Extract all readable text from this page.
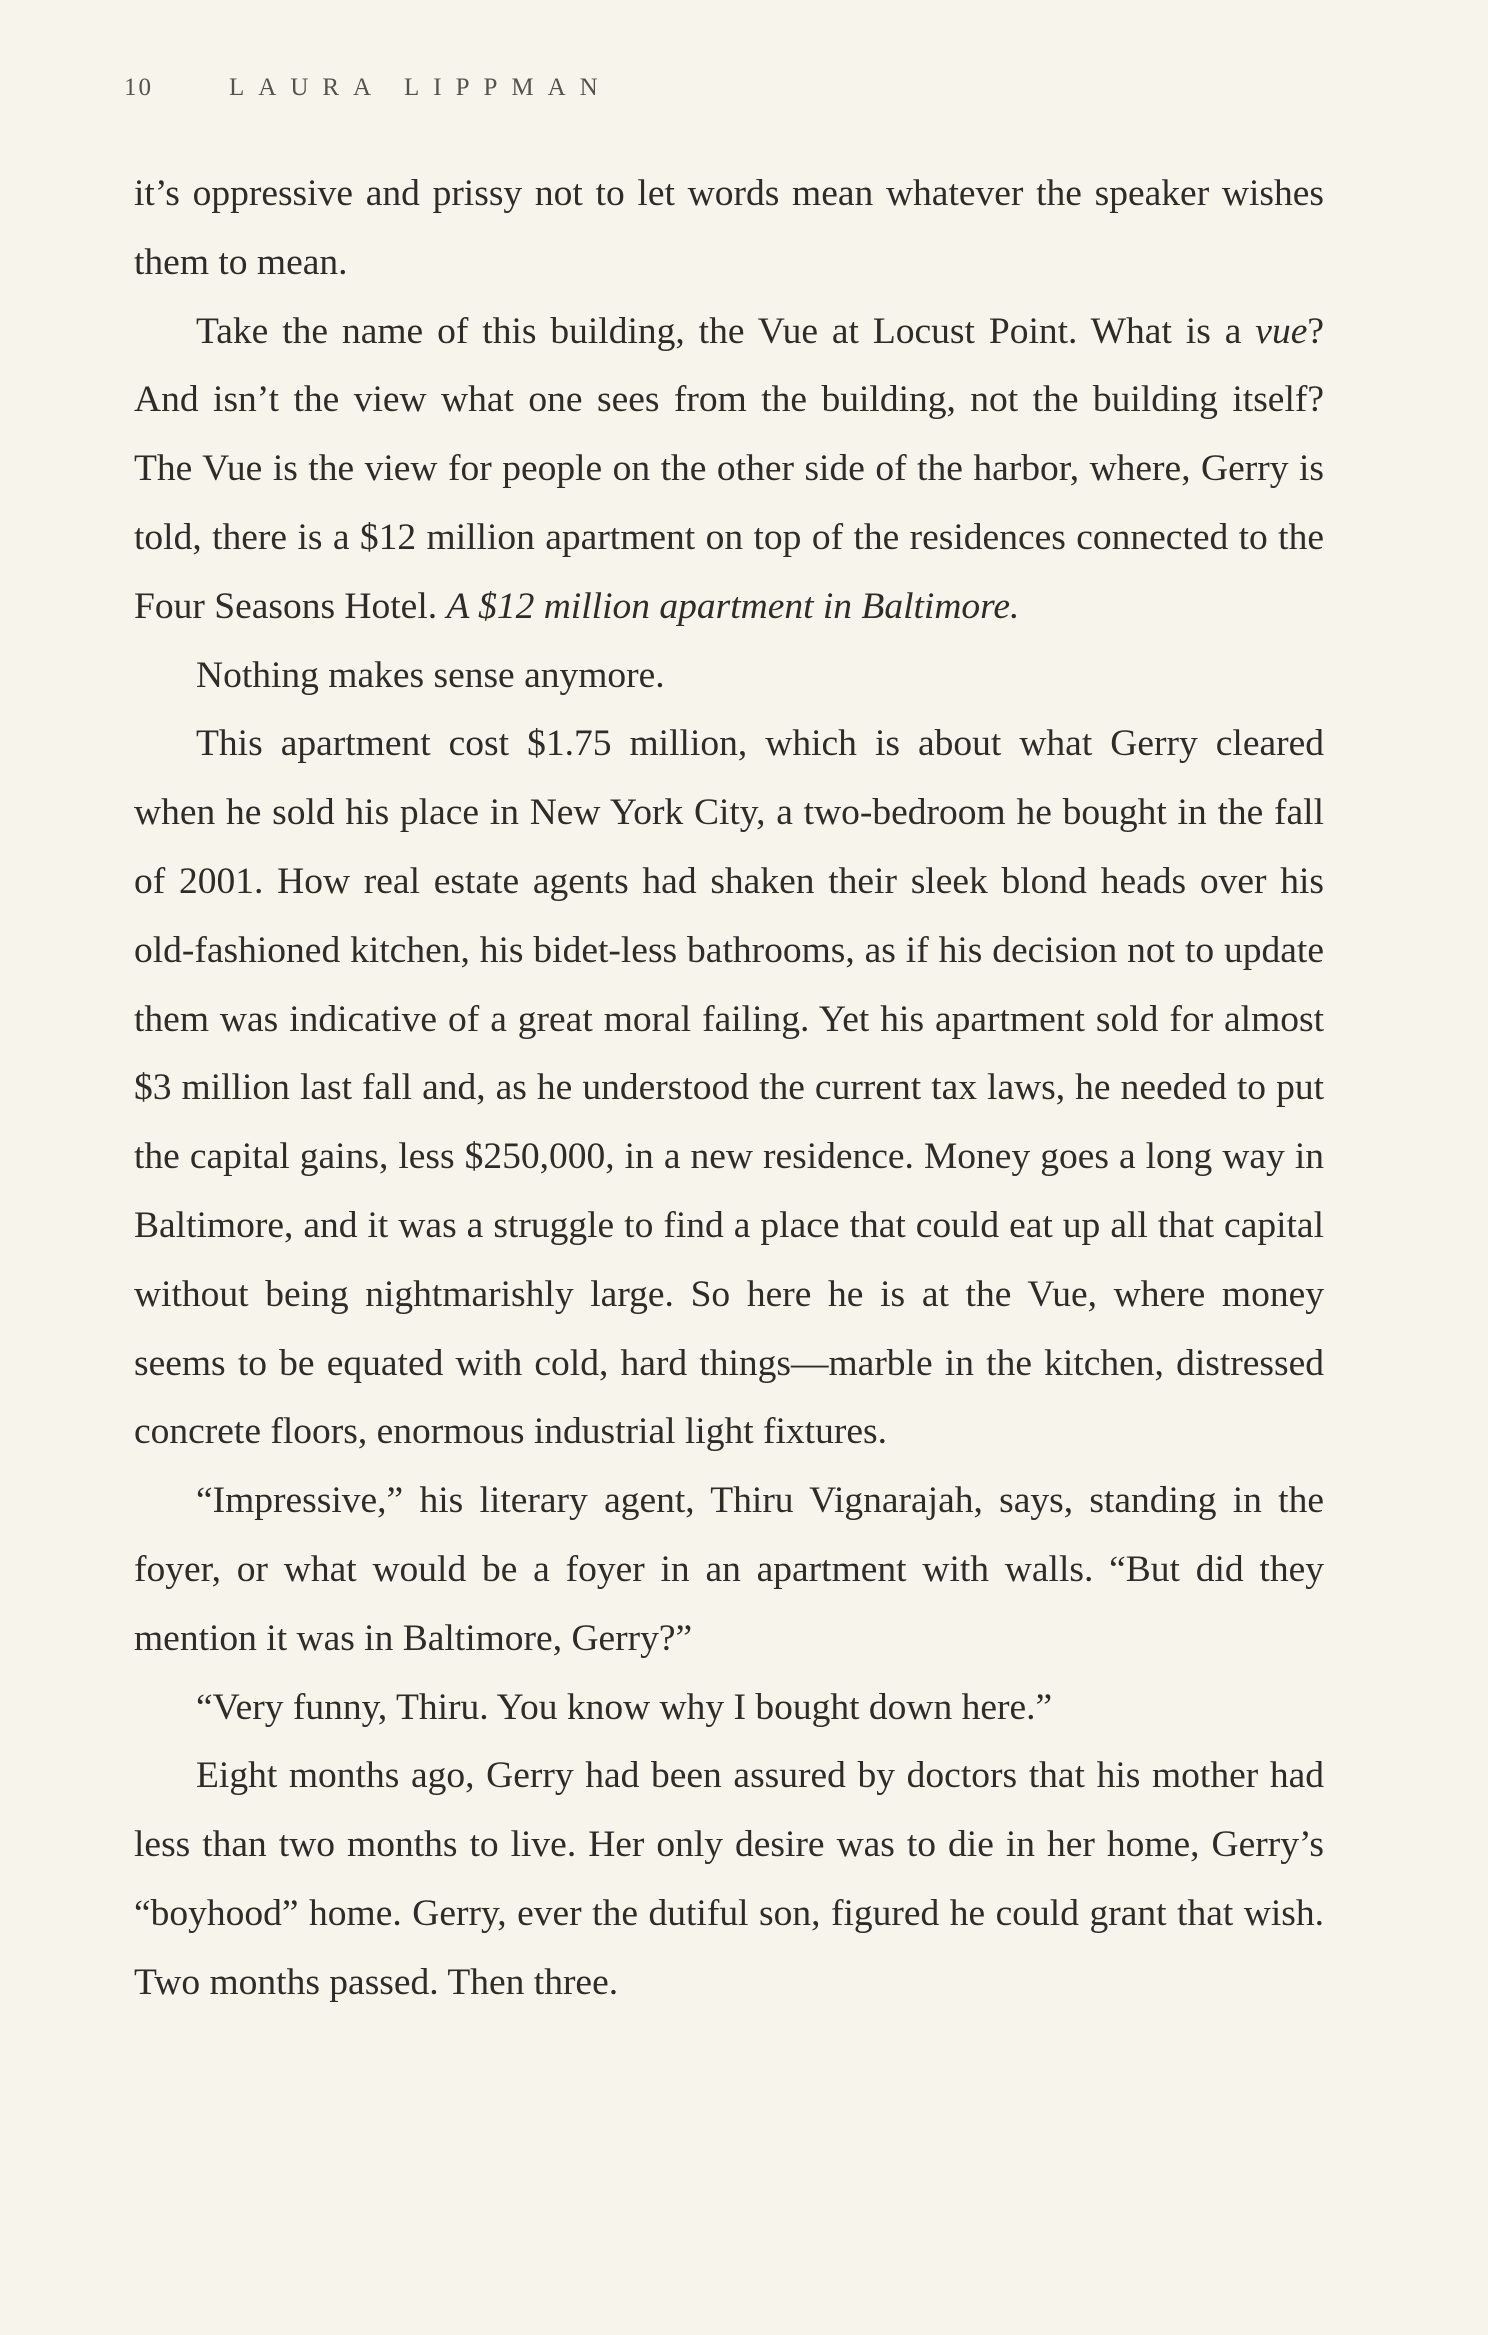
10	LAURA LIPPMAN

it’s oppressive and prissy not to let words mean whatever the speaker wishes them to mean.

Take the name of this building, the Vue at Locust Point. What is a vue? And isn’t the view what one sees from the building, not the building itself? The Vue is the view for people on the other side of the harbor, where, Gerry is told, there is a $12 million apartment on top of the residences connected to the Four Seasons Hotel. A $12 million apartment in Baltimore.

Nothing makes sense anymore.

This apartment cost $1.75 million, which is about what Gerry cleared when he sold his place in New York City, a two-bedroom he bought in the fall of 2001. How real estate agents had shaken their sleek blond heads over his old-fashioned kitchen, his bidet-less bathrooms, as if his decision not to update them was indicative of a great moral failing. Yet his apartment sold for almost $3 million last fall and, as he understood the current tax laws, he needed to put the capital gains, less $250,000, in a new residence. Money goes a long way in Baltimore, and it was a struggle to find a place that could eat up all that capital without being nightmarishly large. So here he is at the Vue, where money seems to be equated with cold, hard things—marble in the kitchen, distressed concrete floors, enormous industrial light fixtures.

“Impressive,” his literary agent, Thiru Vignarajah, says, standing in the foyer, or what would be a foyer in an apartment with walls. “But did they mention it was in Baltimore, Gerry?”

“Very funny, Thiru. You know why I bought down here.”

Eight months ago, Gerry had been assured by doctors that his mother had less than two months to live. Her only desire was to die in her home, Gerry’s “boyhood” home. Gerry, ever the dutiful son, figured he could grant that wish. Two months passed. Then three.
